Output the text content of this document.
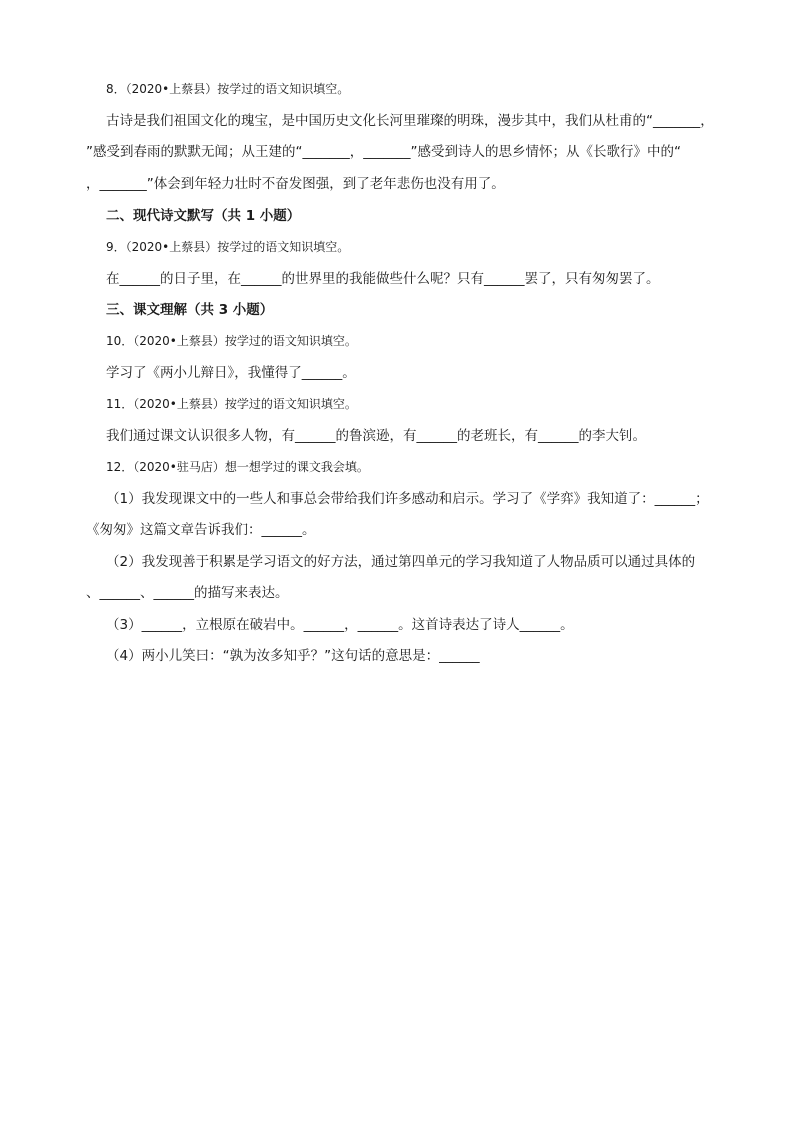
8．（2020•上蔡县）按学过的语文知识填空。
古诗是我们祖国文化的瑰宝，是中国历史文化长河里璀璨的明珠，漫步其中，我们从杜甫的“_______，
”感受到春雨的默默无闻；从王建的“_______，_______”感受到诗人的思乡情怀；从《长歌行》中的“
，_______”体会到年轻力壮时不奋发图强，到了老年悲伤也没有用了。
二、现代诗文默写（共 1 小题）
9．（2020•上蔡县）按学过的语文知识填空。
在______的日子里，在______的世界里的我能做些什么呢？只有______罢了，只有匆匆罢了。
三、课文理解（共 3 小题）
10．（2020•上蔡县）按学过的语文知识填空。
学习了《两小儿辩日》，我懂得了______。
11．（2020•上蔡县）按学过的语文知识填空。
我们通过课文认识很多人物，有______的鲁滨逊，有______的老班长，有______的李大钊。
12．（2020•驻马店）想一想学过的课文我会填。
（1）我发现课文中的一些人和事总会带给我们许多感动和启示。学习了《学弈》我知道了：______；
《匆匆》这篇文章告诉我们：______。
（2）我发现善于积累是学习语文的好方法，通过第四单元的学习我知道了人物品质可以通过具体的
、______、______的描写来表达。
（3）______，立根原在破岩中。______，______。这首诗表达了诗人______。
（4）两小儿笑曰：“孰为汝多知乎？”这句话的意思是：______
